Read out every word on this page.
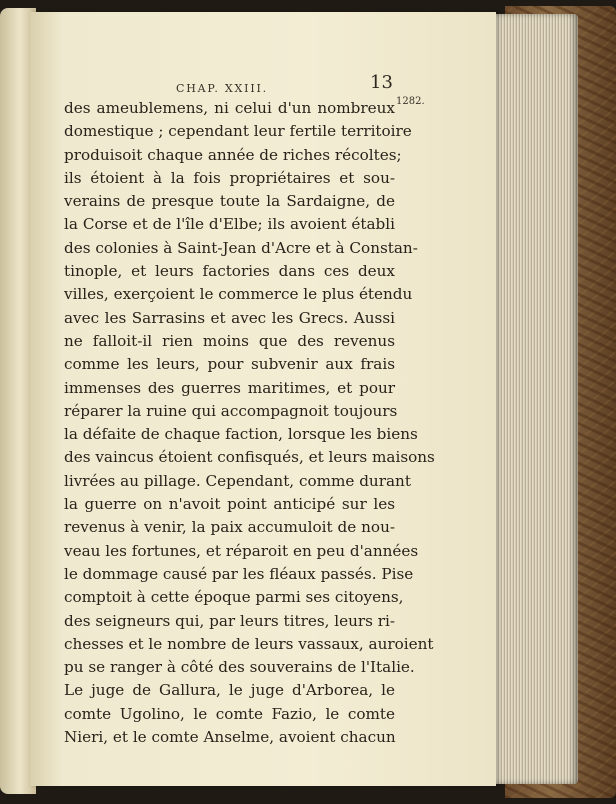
CHAP. XXIII.	13
1282.
des ameublemens, ni celui d'un nombreux
domestique ; cependant leur fertile territoire
produisoit chaque année de riches récoltes;
ils étoient à la fois propriétaires et sou-
verains de presque toute la Sardaigne, de
la Corse et de l'île d'Elbe; ils avoient établi
des colonies à Saint-Jean d'Acre et à Constan-
tinople, et leurs factories dans ces deux
villes, exerçoient le commerce le plus étendu
avec les Sarrasins et avec les Grecs. Aussi
ne falloit-il rien moins que des revenus
comme les leurs, pour subvenir aux frais
immenses des guerres maritimes, et pour
réparer la ruine qui accompagnoit toujours
la défaite de chaque faction, lorsque les biens
des vaincus étoient confisqués, et leurs maisons
livrées au pillage. Cependant, comme durant
la guerre on n'avoit point anticipé sur les
revenus à venir, la paix accumuloit de nou-
veau les fortunes, et réparoit en peu d'années
le dommage causé par les fléaux passés. Pise
comptoit à cette époque parmi ses citoyens,
des seigneurs qui, par leurs titres, leurs ri-
chesses et le nombre de leurs vassaux, auroient
pu se ranger à côté des souverains de l'Italie.
Le juge de Gallura, le juge d'Arborea, le
comte Ugolino, le comte Fazio, le comte
Nieri, et le comte Anselme, avoient chacun
